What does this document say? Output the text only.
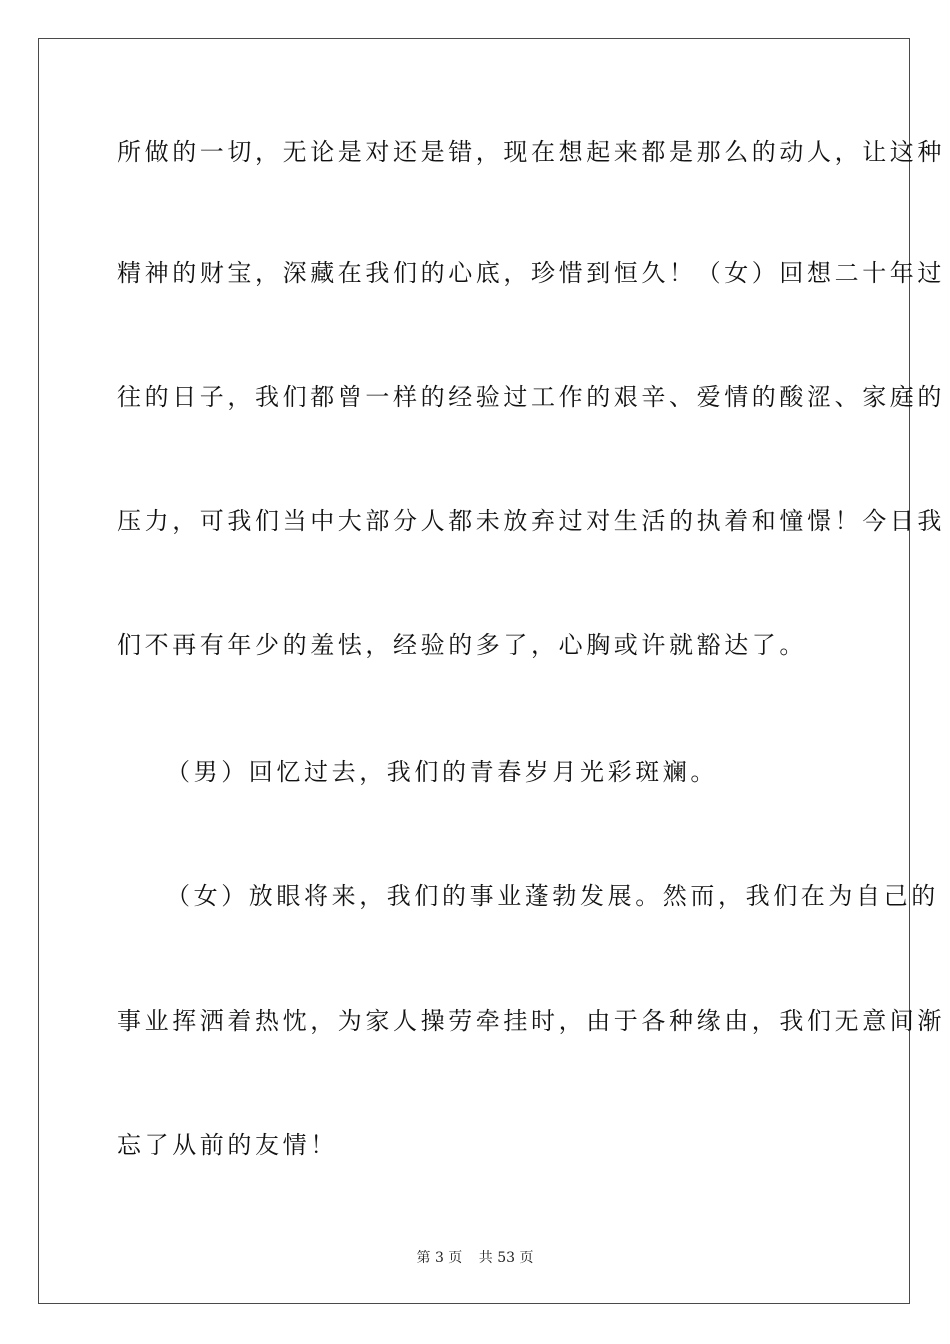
所做的一切，无论是对还是错，现在想起来都是那么的动人，让这种
精神的财宝，深藏在我们的心底，珍惜到恒久！（女）回想二十年过
往的日子，我们都曾一样的经验过工作的艰辛、爱情的酸涩、家庭的
压力，可我们当中大部分人都未放弃过对生活的执着和憧憬！今日我
们不再有年少的羞怯，经验的多了，心胸或许就豁达了。
（男）回忆过去，我们的青春岁月光彩斑斓。
（女）放眼将来，我们的事业蓬勃发展。然而，我们在为自己的
事业挥洒着热忱，为家人操劳牵挂时，由于各种缘由，我们无意间渐
忘了从前的友情！
第 3 页 共 53 页
